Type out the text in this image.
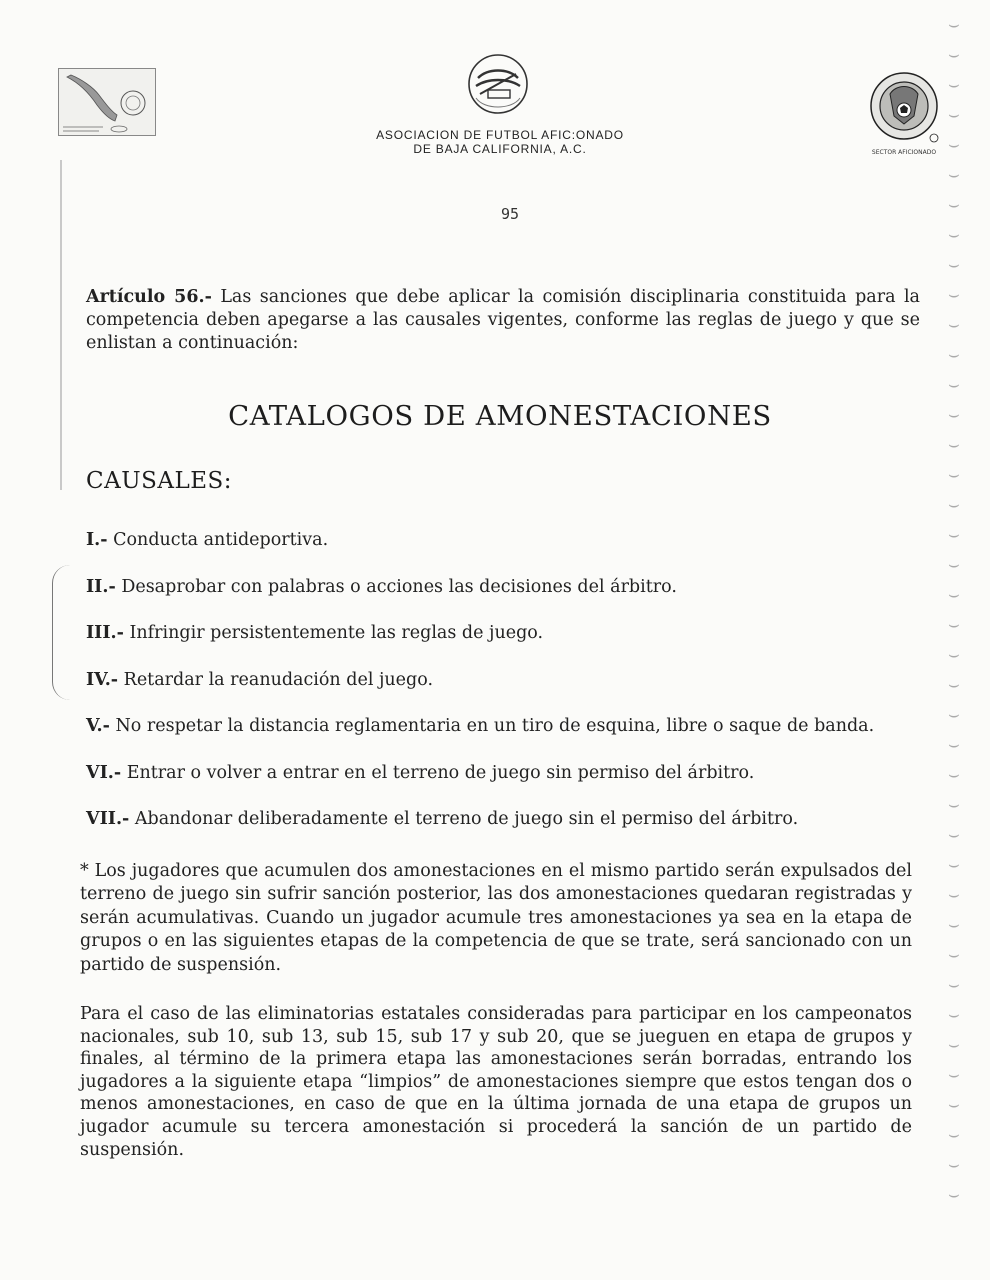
⌣
⌣
⌣
⌣
⌣
⌣
⌣
⌣
⌣
⌣
⌣
⌣
⌣
⌣
⌣
⌣
⌣
⌣
⌣
⌣
⌣
⌣
⌣
⌣
⌣
⌣
⌣
⌣
⌣
⌣
⌣
⌣
⌣
⌣
⌣
⌣
⌣
⌣
⌣
⌣
SECTOR AFICIONADO
ASOCIACION DE FUTBOL AFIC:ONADO
DE BAJA CALIFORNIA, A.C.
95

Artículo 56.- Las sanciones que debe aplicar la comisión disciplinaria constituida para la competencia deben apegarse a las causales vigentes, conforme las reglas de juego y que se enlistan a continuación:

CATALOGOS DE AMONESTACIONES
CAUSALES:
I.- Conducta antideportiva.
II.- Desaprobar con palabras o acciones las decisiones del árbitro.
III.- Infringir persistentemente las reglas de juego.
IV.- Retardar la reanudación del juego.
V.- No respetar la distancia reglamentaria en un tiro de esquina, libre o saque de banda.
VI.- Entrar o volver a entrar en el terreno de juego sin permiso del árbitro.
VII.- Abandonar deliberadamente el terreno de juego sin el permiso del árbitro.

* Los jugadores que acumulen dos amonestaciones en el mismo partido serán expulsados del terreno de juego sin sufrir sanción posterior, las dos amonestaciones quedaran registradas y serán acumulativas. Cuando un jugador acumule tres amonestaciones ya sea en la etapa de grupos o en las siguientes etapas de la competencia de que se trate, será sancionado con un partido de suspensión.

Para el caso de las eliminatorias estatales consideradas para participar en los campeonatos nacionales, sub 10, sub 13, sub 15, sub 17 y sub 20, que se jueguen en etapa de grupos y finales, al término de la primera etapa las amonestaciones serán borradas, entrando los jugadores a la siguiente etapa “limpios” de amonestaciones siempre que estos tengan dos o menos amonestaciones, en caso de que en la última jornada de una etapa de grupos un jugador acumule su tercera amonestación si procederá la sanción de un partido de suspensión.
